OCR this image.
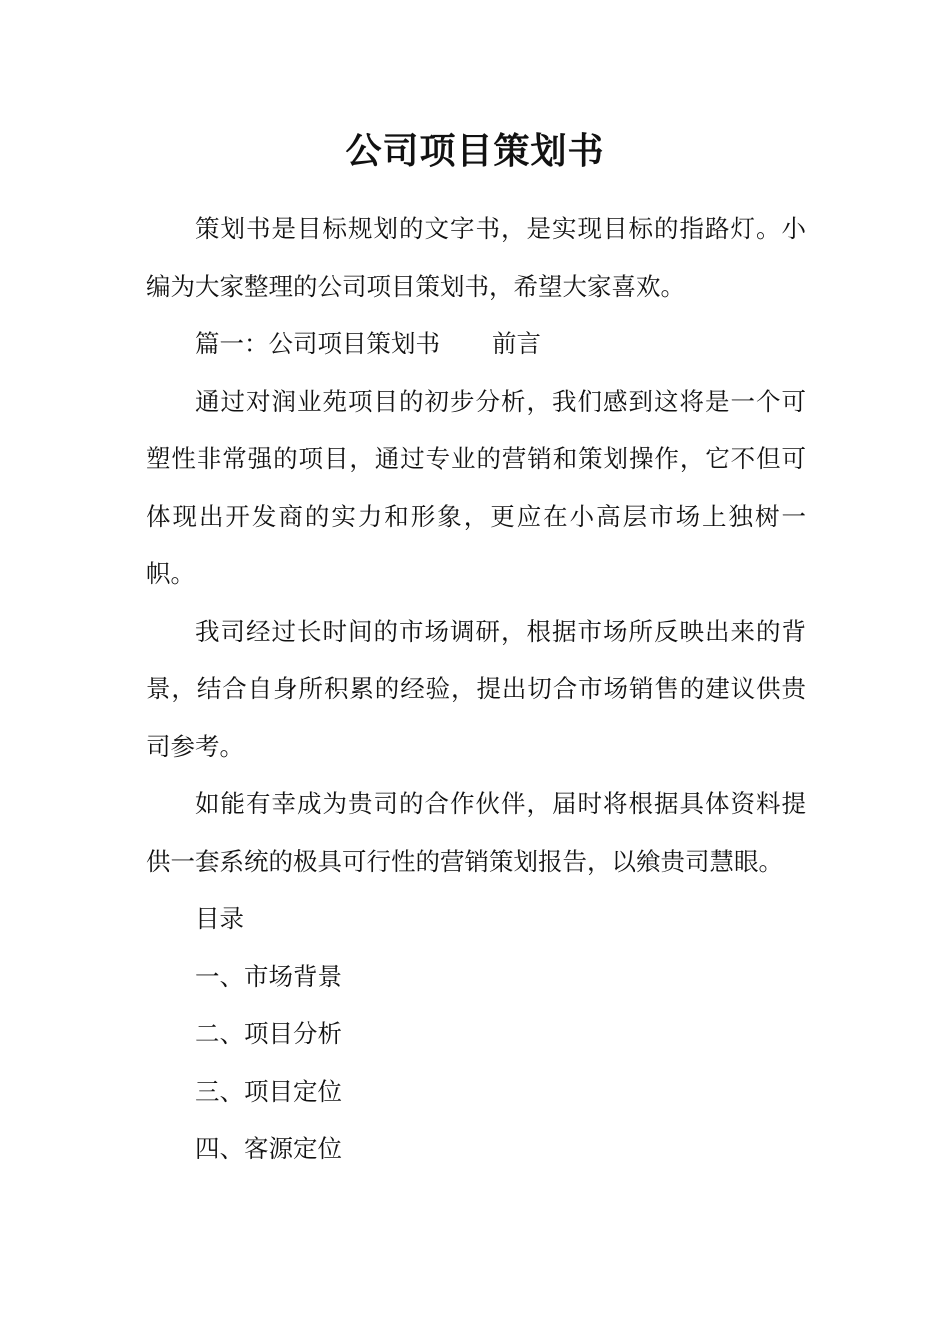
公司项目策划书

策划书是目标规划的文字书，是实现目标的指路灯。小编为大家整理的公司项目策划书，希望大家喜欢。

篇一：公司项目策划书 前言

通过对润业苑项目的初步分析，我们感到这将是一个可塑性非常强的项目，通过专业的营销和策划操作，它不但可体现出开发商的实力和形象，更应在小高层市场上独树一帜。

我司经过长时间的市场调研，根据市场所反映出来的背景，结合自身所积累的经验，提出切合市场销售的建议供贵司参考。

如能有幸成为贵司的合作伙伴，届时将根据具体资料提供一套系统的极具可行性的营销策划报告，以飨贵司慧眼。

目录

一、市场背景

二、项目分析

三、项目定位

四、客源定位
